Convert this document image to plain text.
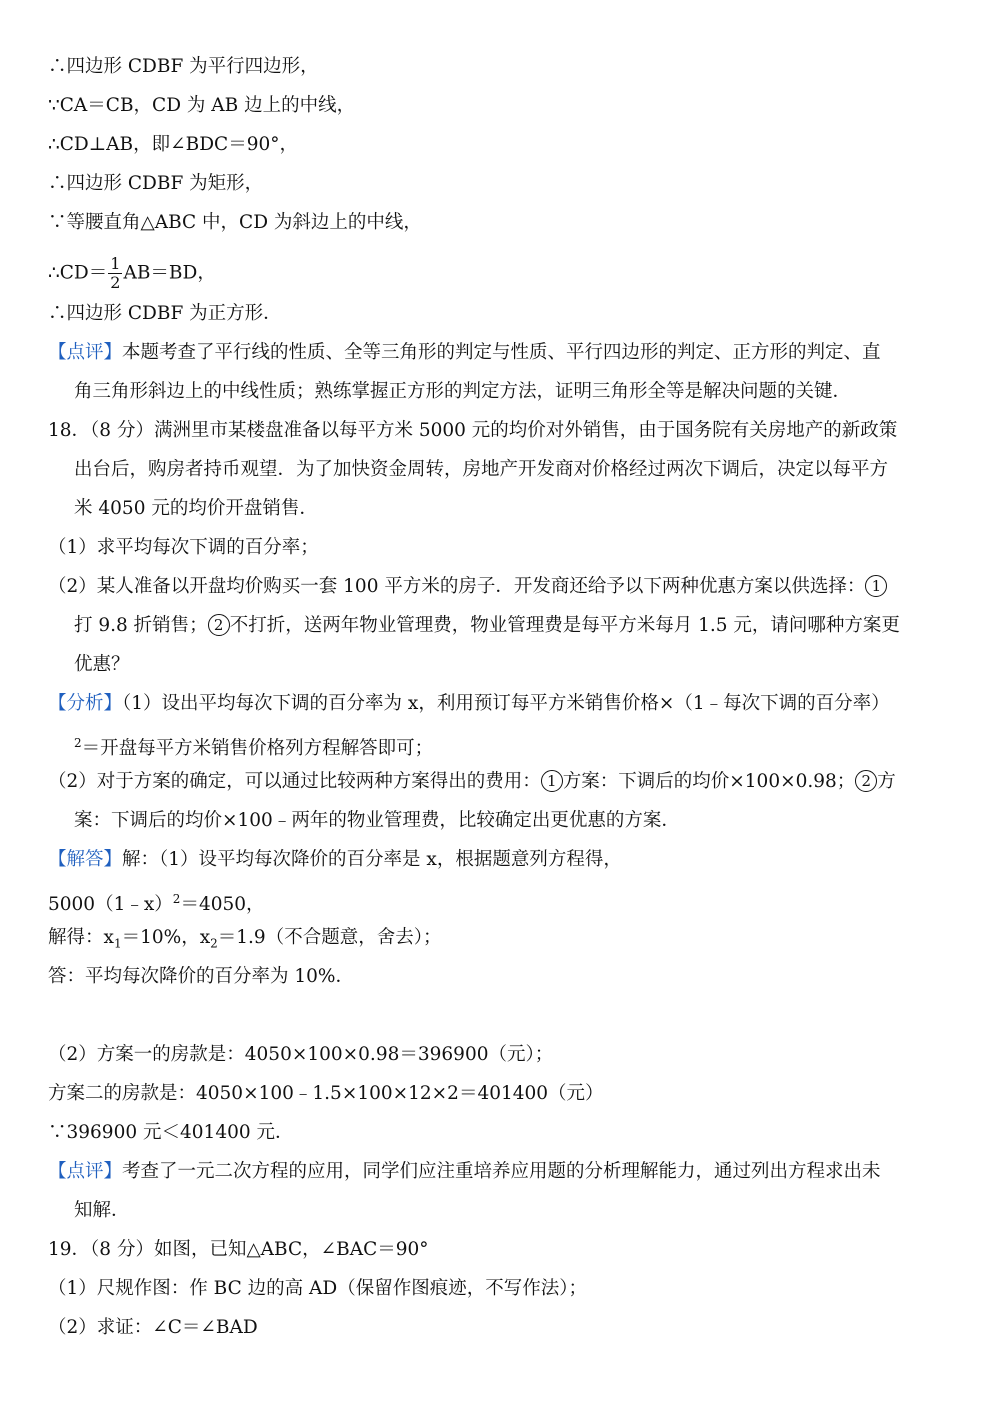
∴四边形 CDBF 为平行四边形，
∵CA＝CB，CD 为 AB 边上的中线，
∴CD⊥AB，即∠BDC＝90°，
∴四边形 CDBF 为矩形，
∵等腰直角△ABC 中，CD 为斜边上的中线，
∴CD＝ $\frac{1}{2} AB=BD$，
∴四边形 CDBF 为正方形．
【点评】本题考查了平行线的性质、全等三角形的判定与性质、平行四边形的判定、正方形的判定、直
角三角形斜边上的中线性质；熟练掌握正方形的判定方法，证明三角形全等是解决问题的关键．
18．（8 分）满洲里市某楼盘准备以每平方米 5000 元的均价对外销售，由于国务院有关房地产的新政策
出台后，购房者持币观望．为了加快资金周转，房地产开发商对价格经过两次下调后，决定以每平方
米 4050 元的均价开盘销售．
（1）求平均每次下调的百分率；
（2）某人准备以开盘均价购买一套 100 平方米的房子．开发商还给予以下两种优惠方案以供选择： 1
打 9.8 折销售； 2 不打折，送两年物业管理费，物业管理费是每平方米每月 1.5 元，请问哪种方案更
优惠？
【分析】（1）设出平均每次下调的百分率为 x，利用预订每平方米销售价格×（1﹣每次下调的百分率）
$^2$＝开盘每平方米销售价格列方程解答即可；
（2）对于方案的确定，可以通过比较两种方案得出的费用： 1 方案：下调后的均价×100×0.98； 2 方
案：下调后的均价×100﹣两年的物业管理费，比较确定出更优惠的方案．
【解答】解：（1）设平均每次降价的百分率是 x，根据题意列方程得，
5000（1﹣x）$^2$＝4050，
解得：$x_1=10\%$，$x_2=1.9$（不合题意，舍去）；
答：平均每次降价的百分率为 10%．
（2）方案一的房款是：4050×100×0.98＝396900（元）；
方案二的房款是：4050×100﹣1.5×100×12×2＝401400（元）
∵396900 元＜401400 元．
【点评】考查了一元二次方程的应用，同学们应注重培养应用题的分析理解能力，通过列出方程求出未
知解．
19．（8 分）如图，已知△ABC，∠BAC＝90°
（1）尺规作图：作 BC 边的高 AD（保留作图痕迹，不写作法）；
（2）求证：∠C＝∠BAD
